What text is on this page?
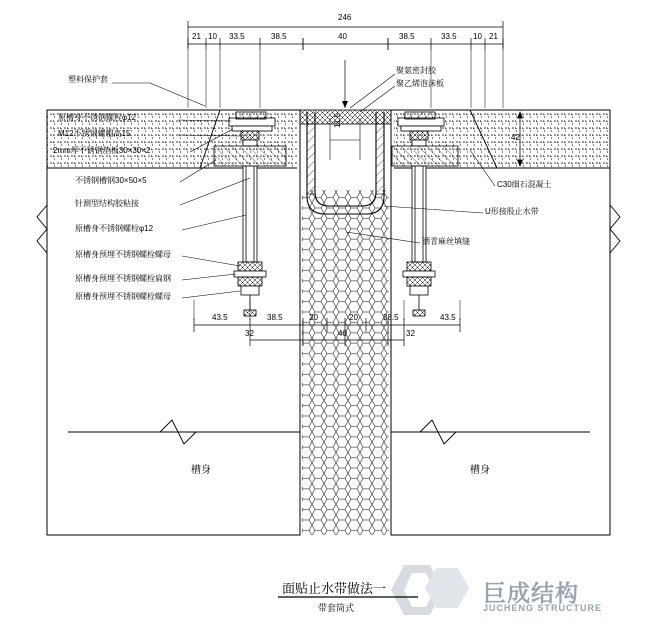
246
21 10 33.5	38.5	40	38.5	33.5 10 21
11.5
42
塑料保护套
聚氨密封胶
聚乙烯泡沫板
原槽身不锈钢螺栓φ12
M12不锈钢螺帽高15
2mm厚不锈钢垫板30×30×2
不锈钢槽钢30×50×5
针测型结构胶粘接
原槽身不锈钢螺栓φ12
原槽身预埋不锈钢螺栓螺母
原槽身预埋不锈钢螺栓扁钢
原槽身预埋不锈钢螺栓螺母
C30细石混凝土
U形接股止水带
洒青麻丝填缝
43.5	38.5	20	20	38.5	43.5
32	40	32
槽身	槽身
面贴止水带做法一
带套筒式
巨成结构
JUCHENG STRUCTURE
